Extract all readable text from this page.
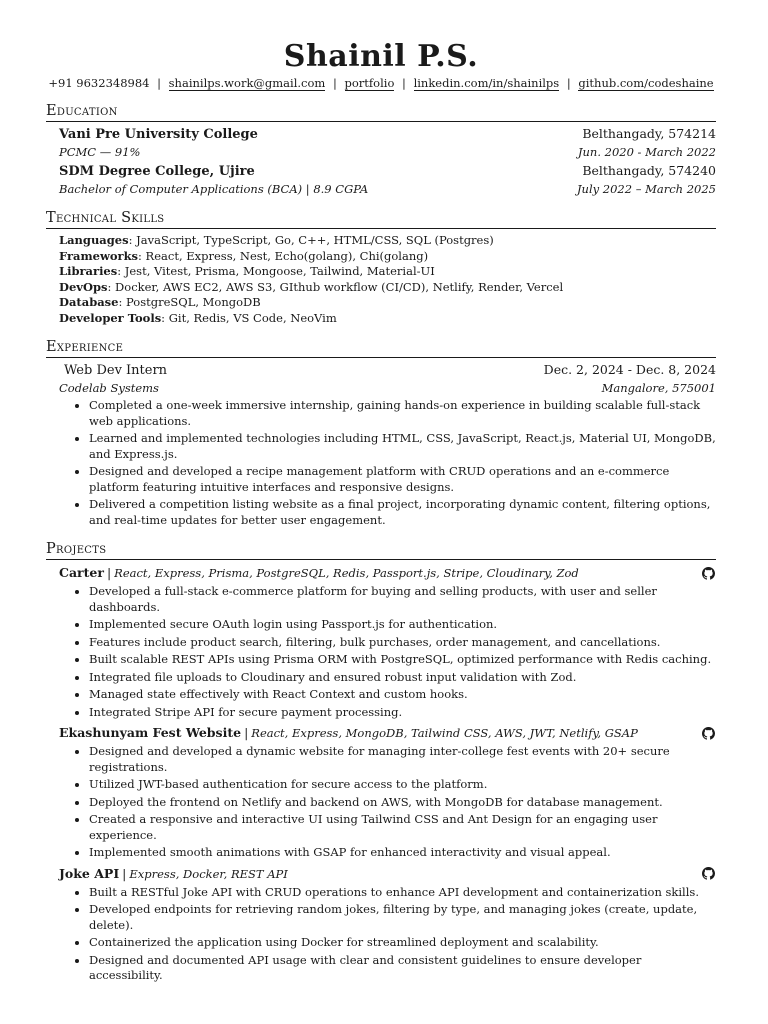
Shainil P.S.
+91 9632348984 | shainilps.work@gmail.com | portfolio | linkedin.com/in/shainilps | github.com/codeshaine
Education
Vani Pre University College	Belthangady, 574214
PCMC — 91%	Jun. 2020 - March 2022
SDM Degree College, Ujire	Belthangady, 574240
Bachelor of Computer Applications (BCA) | 8.9 CGPA	July 2022 – March 2025
Technical Skills
Languages: JavaScript, TypeScript, Go, C++, HTML/CSS, SQL (Postgres)
Frameworks: React, Express, Nest, Echo(golang), Chi(golang)
Libraries: Jest, Vitest, Prisma, Mongoose, Tailwind, Material-UI
DevOps: Docker, AWS EC2, AWS S3, GIthub workflow (CI/CD), Netlify, Render, Vercel
Database: PostgreSQL, MongoDB
Developer Tools: Git, Redis, VS Code, NeoVim
Experience
Web Dev Intern	Dec. 2, 2024 - Dec. 8, 2024
Codelab Systems	Mangalore, 575001
• Completed a one-week immersive internship, gaining hands-on experience in building scalable full-stack web applications.
• Learned and implemented technologies including HTML, CSS, JavaScript, React.js, Material UI, MongoDB, and Express.js.
• Designed and developed a recipe management platform with CRUD operations and an e-commerce platform featuring intuitive interfaces and responsive designs.
• Delivered a competition listing website as a final project, incorporating dynamic content, filtering options, and real-time updates for better user engagement.
Projects
Carter | React, Express, Prisma, PostgreSQL, Redis, Passport.js, Stripe, Cloudinary, Zod
• Developed a full-stack e-commerce platform for buying and selling products, with user and seller dashboards.
• Implemented secure OAuth login using Passport.js for authentication.
• Features include product search, filtering, bulk purchases, order management, and cancellations.
• Built scalable REST APIs using Prisma ORM with PostgreSQL, optimized performance with Redis caching.
• Integrated file uploads to Cloudinary and ensured robust input validation with Zod.
• Managed state effectively with React Context and custom hooks.
• Integrated Stripe API for secure payment processing.
Ekashunyam Fest Website | React, Express, MongoDB, Tailwind CSS, AWS, JWT, Netlify, GSAP
• Designed and developed a dynamic website for managing inter-college fest events with 20+ secure registrations.
• Utilized JWT-based authentication for secure access to the platform.
• Deployed the frontend on Netlify and backend on AWS, with MongoDB for database management.
• Created a responsive and interactive UI using Tailwind CSS and Ant Design for an engaging user experience.
• Implemented smooth animations with GSAP for enhanced interactivity and visual appeal.
Joke API | Express, Docker, REST API
• Built a RESTful Joke API with CRUD operations to enhance API development and containerization skills.
• Developed endpoints for retrieving random jokes, filtering by type, and managing jokes (create, update, delete).
• Containerized the application using Docker for streamlined deployment and scalability.
• Designed and documented API usage with clear and consistent guidelines to ensure developer accessibility.
